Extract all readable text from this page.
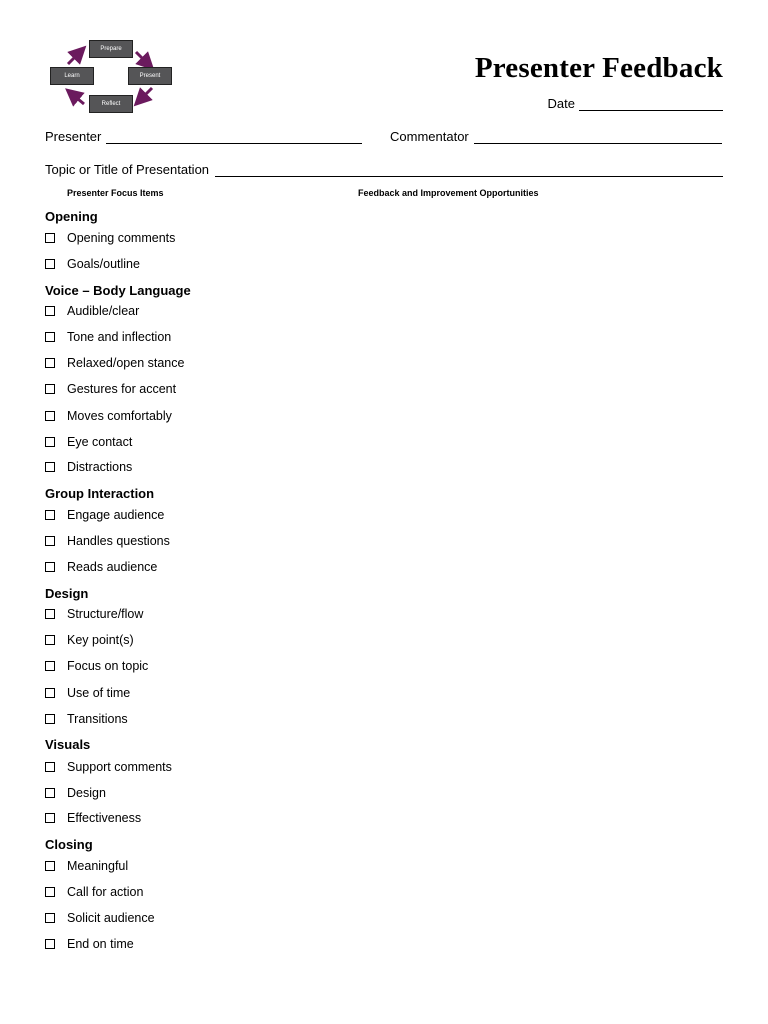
Prepare
Present
Reflect
Learn	Presenter Feedback
Date
Presenter	Commentator
Topic or Title of Presentation
Presenter Focus Items	Feedback and Improvement Opportunities
Opening
Opening comments
Goals/outline
Voice – Body Language
Audible/clear
Tone and inflection
Relaxed/open stance
Gestures for accent
Moves comfortably
Eye contact
Distractions
Group Interaction
Engage audience
Handles questions
Reads audience
Design
Structure/flow
Key point(s)
Focus on topic
Use of time
Transitions
Visuals
Support comments
Design
Effectiveness
Closing
Meaningful
Call for action
Solicit audience
End on time
